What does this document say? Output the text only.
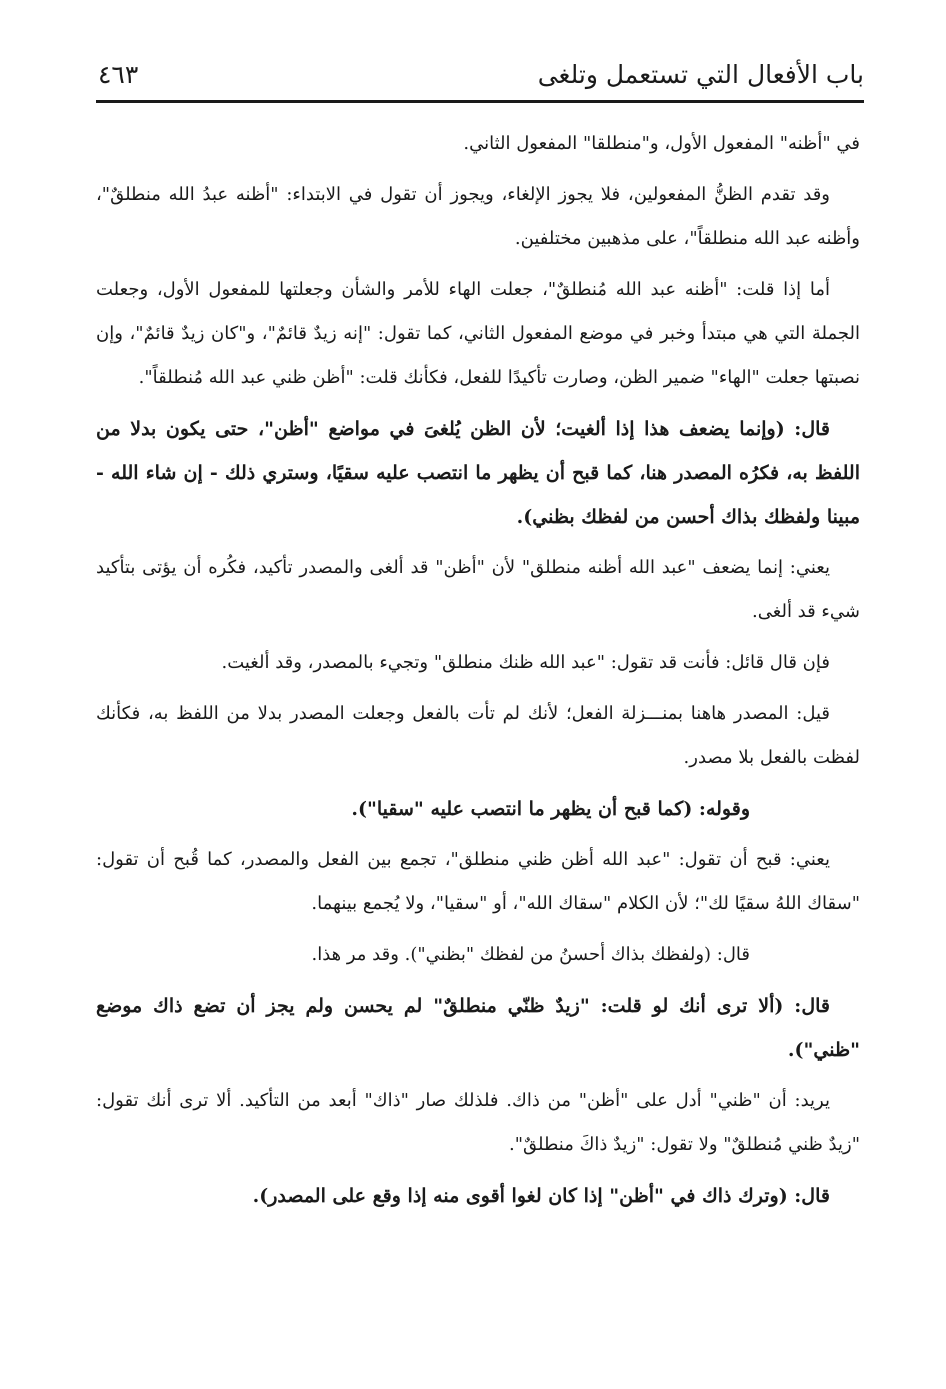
باب الأفعال التي تستعمل وتلغى
٤٦٣

في "أظنه" المفعول الأول، و"منطلقا" المفعول الثاني.

وقد تقدم الظنُّ المفعولين، فلا يجوز الإلغاء، ويجوز أن تقول في الابتداء: "أظنه عبدُ الله منطلقٌ"، وأظنه عبد الله منطلقاً"، على مذهبين مختلفين.

أما إذا قلت: "أظنه عبد الله مُنطلقٌ"، جعلت الهاء للأمر والشأن وجعلتها للمفعول الأول، وجعلت الجملة التي هي مبتدأ وخبر في موضع المفعول الثاني، كما تقول: "إنه زيدٌ قائمٌ"، و"كان زيدٌ قائمٌ"، وإن نصبتها جعلت "الهاء" ضمير الظن، وصارت تأكيدًا للفعل، فكأنك قلت: "أظن ظني عبد الله مُنطلقاً".

قال: (وإنما يضعف هذا إذا ألغيت؛ لأن الظن يُلغىَ في مواضع "أظن"، حتى يكون بدلا من اللفظ به، فكرُه المصدر هنا، كما قبح أن يظهر ما انتصب عليه سقيًا، وستري ذلك - إن شاء الله - مبينا ولفظك بذاك أحسن من لفظك بظني).

يعني: إنما يضعف "عبد الله أظنه منطلق" لأن "أظن" قد ألغى والمصدر تأكيد، فكُره أن يؤتى بتأكيد شيء قد ألغى.

فإن قال قائل: فأنت قد تقول: "عبد الله ظنك منطلق" وتجيء بالمصدر، وقد ألغيت.

قيل: المصدر هاهنا بمنـــزلة الفعل؛ لأنك لم تأت بالفعل وجعلت المصدر بدلا من اللفظ به، فكأنك لفظت بالفعل بلا مصدر.

وقوله: (كما قبح أن يظهر ما انتصب عليه "سقيا").

يعني: قبح أن تقول: "عبد الله أظن ظني منطلق"، تجمع بين الفعل والمصدر، كما قُبح أن تقول: "سقاك اللهُ سقيًا لك"؛ لأن الكلام "سقاك الله"، أو "سقيا"، ولا يُجمع بينهما.

قال: (ولفظك بذاك أحسنُ من لفظك "بظني"). وقد مر هذا.

قال: (ألا ترى أنك لو قلت: "زيدٌ ظنّي منطلقٌ" لم يحسن ولم يجز أن تضع ذاك موضع "ظني").

يريد: أن "ظني" أدل على "أظن" من ذاك. فلذلك صار "ذاك" أبعد من التأكيد. ألا ترى أنك تقول: "زيدٌ ظني مُنطلقٌ" ولا تقول: "زيدٌ ذاكَ منطلقٌ".

قال: (وترك ذاك في "أظن" إذا كان لغوا أقوى منه إذا وقع على المصدر).
